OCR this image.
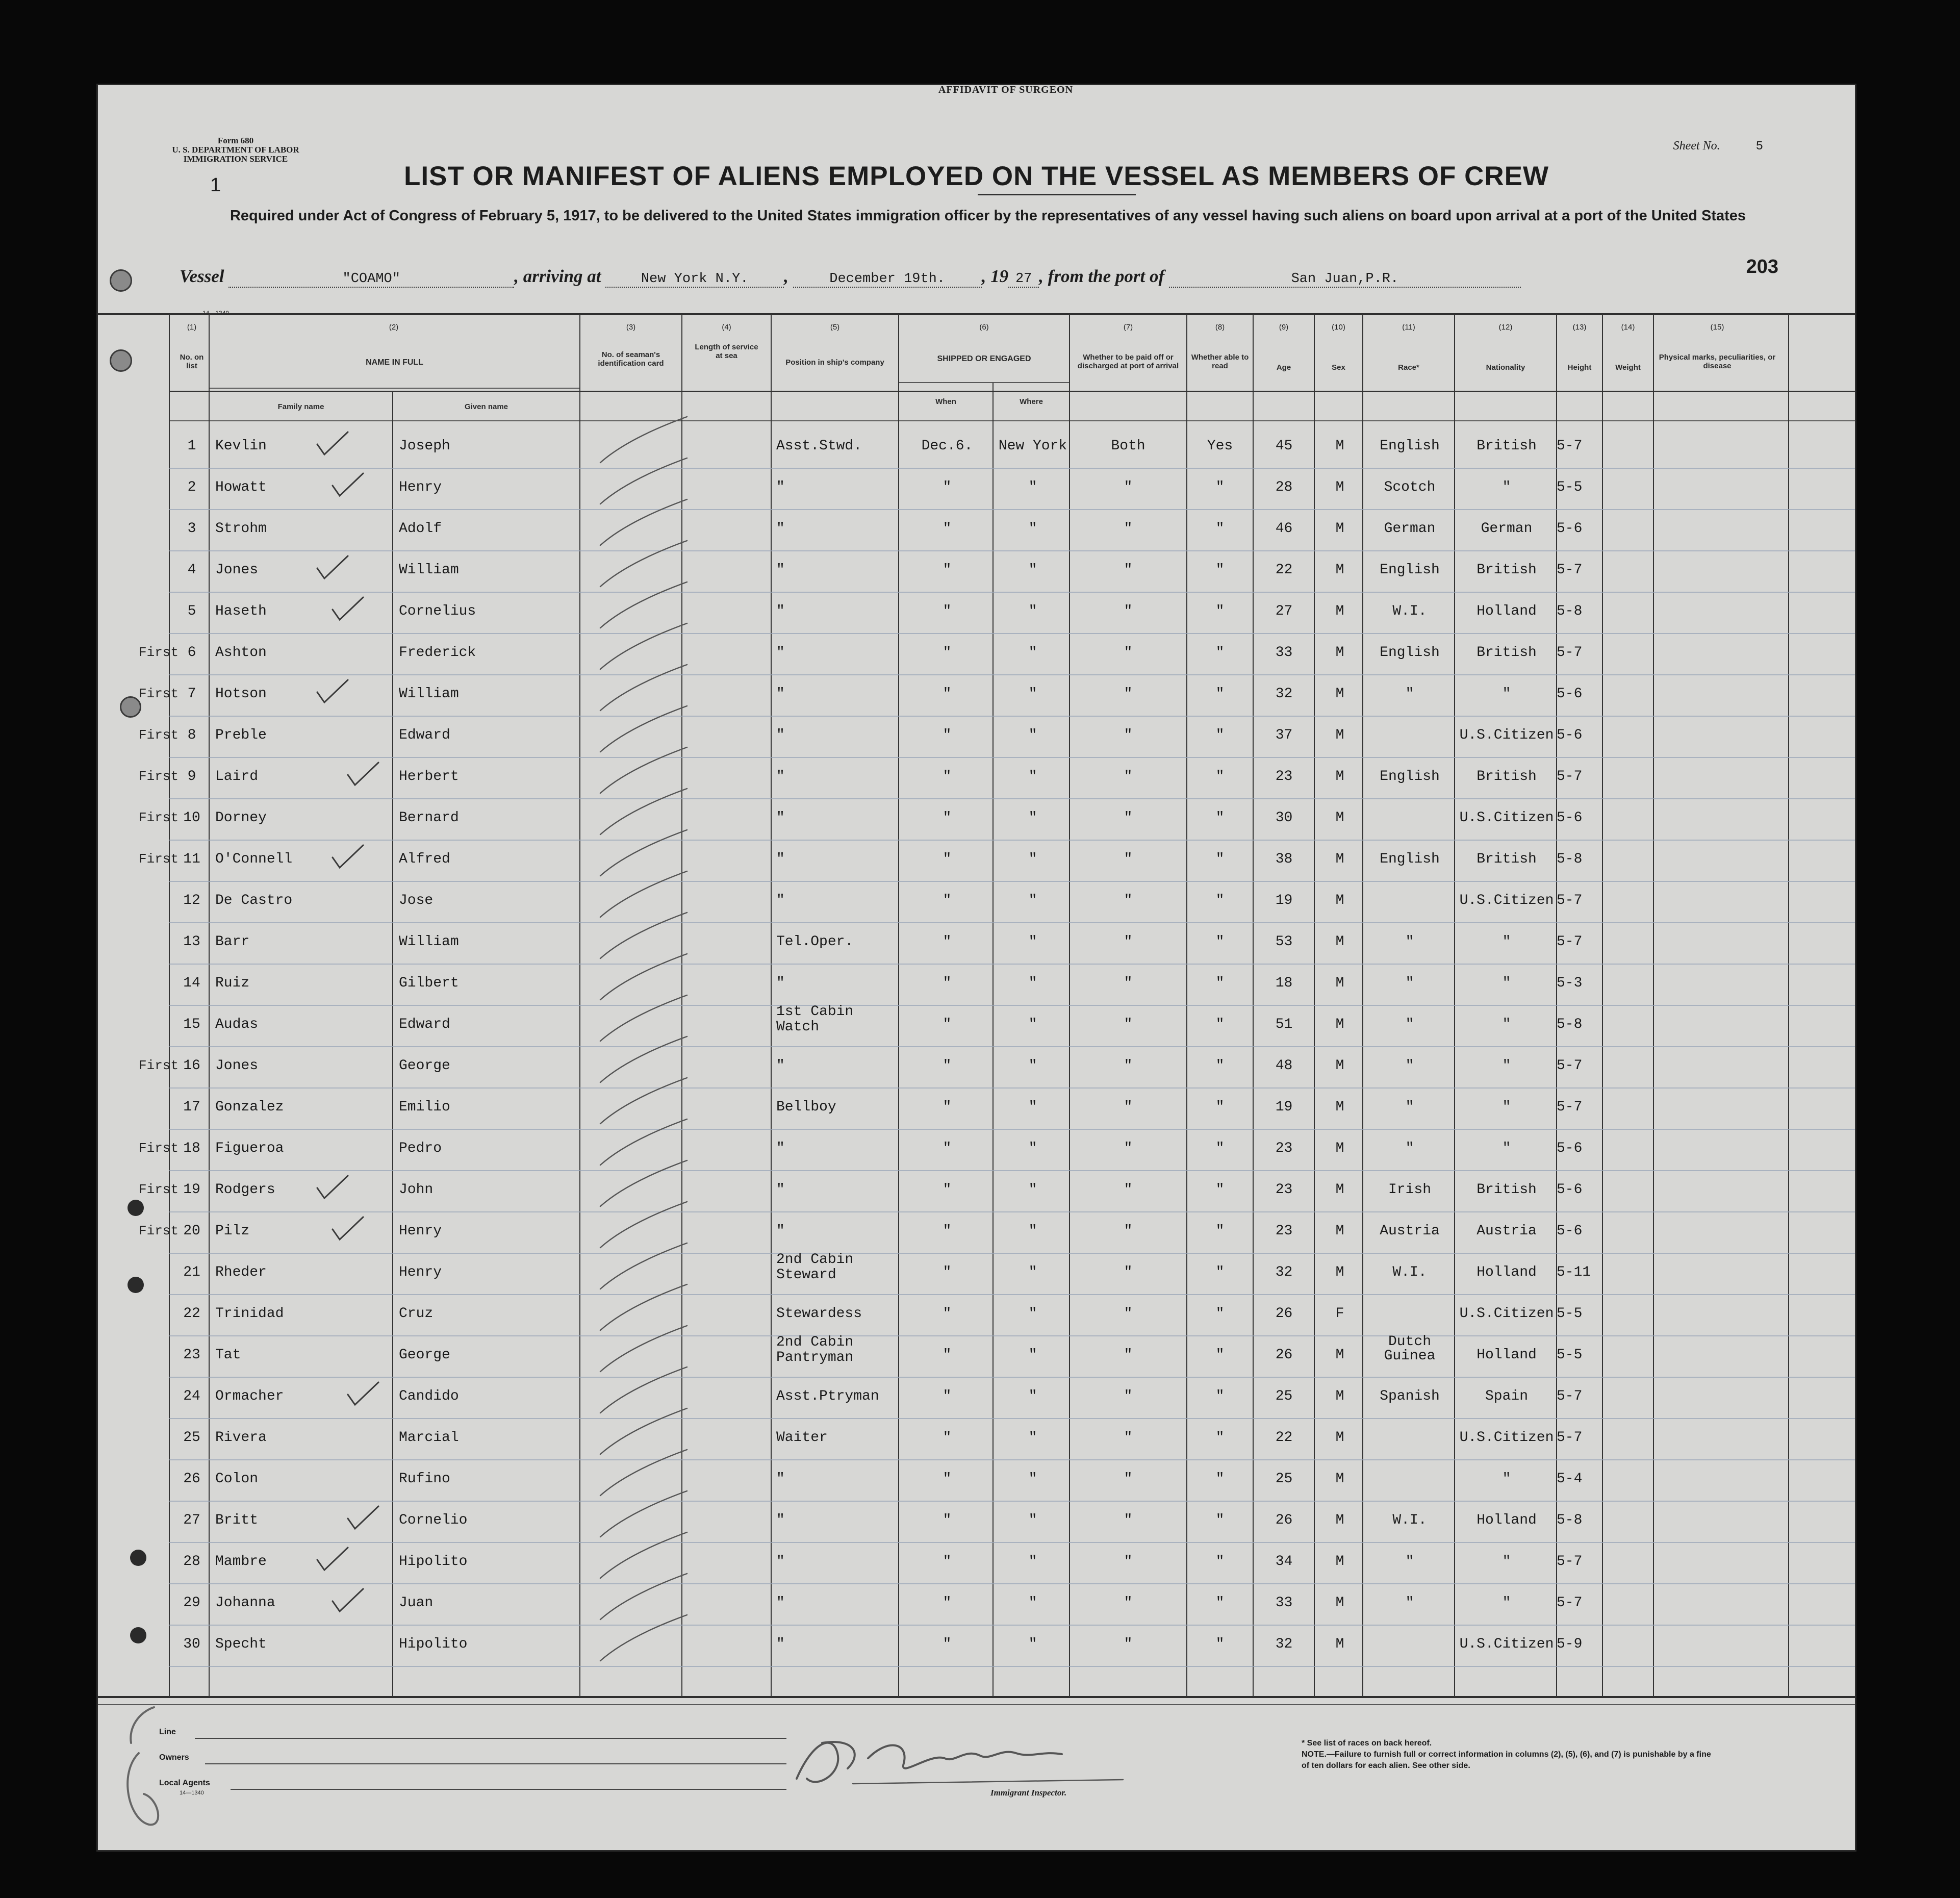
AFFIDAVIT OF SURGEON
Form 680
U. S. DEPARTMENT OF LABOR
IMMIGRATION SERVICE
1
Sheet No.	5
LIST OR MANIFEST OF ALIENS EMPLOYED ON THE VESSEL AS MEMBERS OF CREW
Required under Act of Congress of February 5, 1917, to be delivered to the United States immigration officer by the representatives of any vessel having such aliens on board upon arrival at a port of the United States
Vessel	"COAMO"	, arriving at	New York N.Y. ,	December 19th. , 19 27 , from the port of	San Juan,P.R.
203
14—1340
(1)	(2)	(3)	(4)	(5)	(6)	(7)	(8)	(9)	(10)	(11)	(12)	(13)	(14)	(15)
No. on list	NAME IN FULL
Family name	Given name
No. of seaman's identification card
Length of service at sea
Position in ship's company	SHIPPED OR ENGAGED
When	Where
Whether to be paid off or discharged at port of arrival
Whether able to read	Age	Sex	Race*	Nationality	Height	Weight
Physical marks, peculiarities, or disease
1	Kevlin	Joseph	Asst.Stwd.	Dec.6.	New York	Both	Yes	45	M	English	British	5-7
2	Howatt	Henry	"	"	"	"	"	28	M	Scotch	"	5-5
3	Strohm	Adolf	"	"	"	"	"	46	M	German	German	5-6
4	Jones	William	"	"	"	"	"	22	M	English	British	5-7
5	Haseth	Cornelius	"	"	"	"	"	27	M	W.I.	Holland	5-8
6	Ashton	Frederick	"	"	"	"	"	33	M	English	British	5-7
First
7	Hotson	William	"	"	"	"	"	32	M	"	"	5-6
First
8	Preble	Edward	"	"	"	"	"	37	M	U.S.Citizen 5-6
First
9	Laird	Herbert	"	"	"	"	"	23	M	English	British	5-7
First
10	Dorney	Bernard	"	"	"	"	"	30	M	U.S.Citizen 5-6
First
11	O'Connell	Alfred	"	"	"	"	"	38	M	English	British	5-8
First
12	De Castro	Jose	"	"	"	"	"	19	M	U.S.Citizen 5-7
13	Barr	William	Tel.Oper.	"	"	"	"	53	M	"	"	5-7
14	Ruiz	Gilbert	"	"	"	"	"	18	M	"	"	5-3
15	Audas	Edward
1st Cabin Watch	"	"	"	"	51	M	"	"	5-8
16	Jones	George	"	"	"	"	"	48	M	"	"	5-7
First
17	Gonzalez	Emilio	Bellboy	"	"	"	"	19	M	"	"	5-7
18	Figueroa	Pedro	"	"	"	"	"	23	M	"	"	5-6
First
19	Rodgers	John	"	"	"	"	"	23	M	Irish	British	5-6
First
20	Pilz	Henry	"	"	"	"	"	23	M	Austria	Austria	5-6
First
21	Rheder	Henry
2nd Cabin Steward	"	"	"	"	32	M	W.I.	Holland	5-11
22	Trinidad	Cruz	Stewardess	"	"	"	"	26	F	U.S.Citizen 5-5
23	Tat	George
2nd Cabin Pantryman	"	"	"	"	26	M
Dutch Guinea	Holland	5-5
24	Ormacher	Candido	Asst.Ptryman	"	"	"	"	25	M	Spanish	Spain	5-7
25	Rivera	Marcial	Waiter	"	"	"	"	22	M	U.S.Citizen 5-7
26	Colon	Rufino	"	"	"	"	"	25	M	"	5-4
27	Britt	Cornelio	"	"	"	"	"	26	M	W.I.	Holland	5-8
28	Mambre	Hipolito	"	"	"	"	"	34	M	"	"	5-7
29	Johanna	Juan	"	"	"	"	"	33	M	"	"	5-7
30	Specht	Hipolito	"	"	"	"	"	32	M	U.S.Citizen 5-9
Line
Owners
Local Agents
14—1340	Immigrant Inspector.
* See list of races on back hereof.
NOTE.—Failure to furnish full or correct information in columns (2), (5), (6), and (7) is punishable by a fine of ten dollars for each alien. See other side.
